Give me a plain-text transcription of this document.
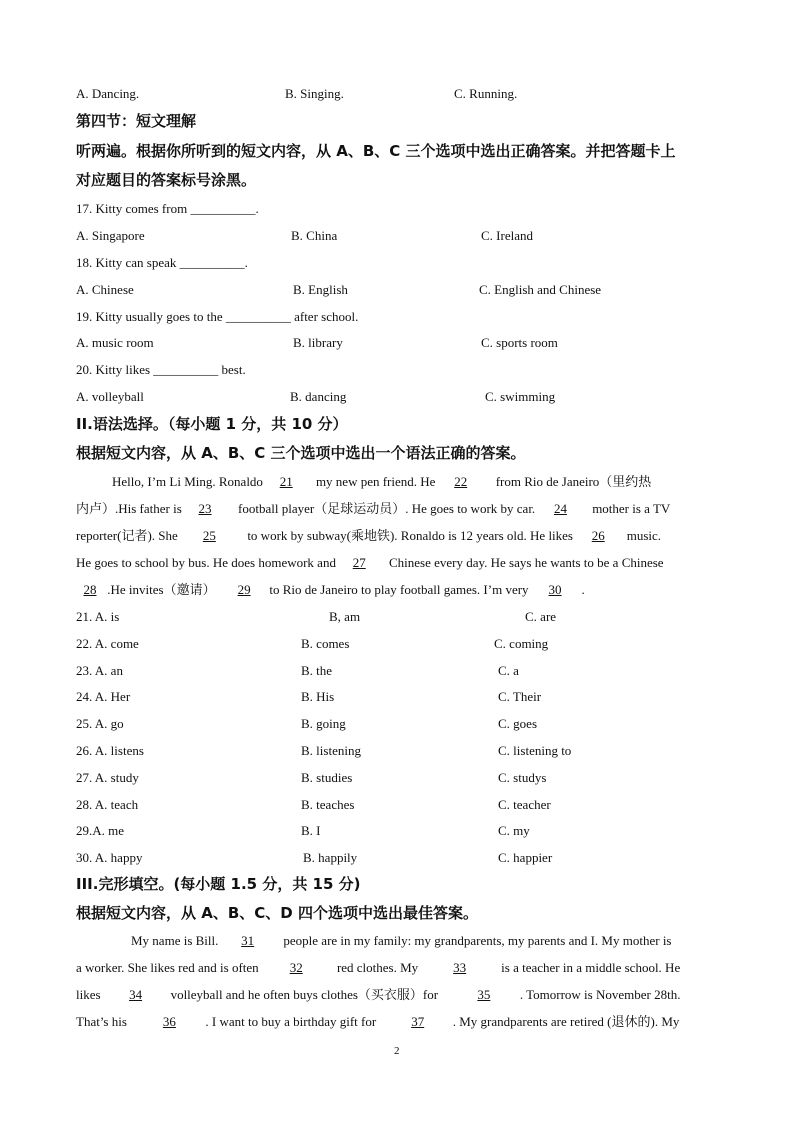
A. Dancing.	B. Singing.	C. Running.
第四节：短文理解
听两遍。根据你所听到的短文内容，从 A、B、C 三个选项中选出正确答案。并把答题卡上
对应题目的答案标号涂黑。
17. Kitty comes from __________.
A. Singapore	B. China	C. Ireland
18. Kitty can speak __________.
A. Chinese	B. English	C. English and Chinese
19. Kitty usually goes to the __________ after school.
A. music room	B. library	C. sports room
20. Kitty likes __________ best.
A. volleyball	B. dancing	C. swimming
II.语法选择。（每小题 1 分，共 10 分）
根据短文内容，从 A、B、C 三个选项中选出一个语法正确的答案。
Hello, I’m Li Ming. Ronaldo 21 my new pen friend. He 22 from Rio de Janeiro（里约热
内卢）.His father is 23 football player（足球运动员）. He goes to work by car. 24 mother is a TV
reporter(记者). She 25 to work by subway(乘地铁). Ronaldo is 12 years old. He likes 26 music.
He goes to school by bus. He does homework and 27 Chinese every day. He says he wants to be a Chinese
28 .He invites（邀请） 29 to Rio de Janeiro to play football games. I’m very 30 .
21. A. is	B, am	C. are
22. A. come	B. comes	C. coming
23. A. an	B. the	C. a
24. A. Her	B. His	C. Their
25. A. go	B. going	C. goes
26. A. listens	B. listening	C. listening to
27. A. study	B. studies	C. studys
28. A. teach	B. teaches	C. teacher
29.A. me	B. I	C. my
30. A. happy	B. happily	C. happier
III.完形填空。(每小题 1.5 分，共 15 分)
根据短文内容，从 A、B、C、D 四个选项中选出最佳答案。
My name is Bill. 31 people are in my family: my grandparents, my parents and I. My mother is
a worker. She likes red and is often 32	red clothes. My	33	is a teacher in a middle school. He
likes 34 volleyball and he often buys clothes（买衣服）for	35 . Tomorrow is November 28th.
That’s his	36 . I want to buy a birthday gift for	37 . My grandparents are retired (退休的). My
2
